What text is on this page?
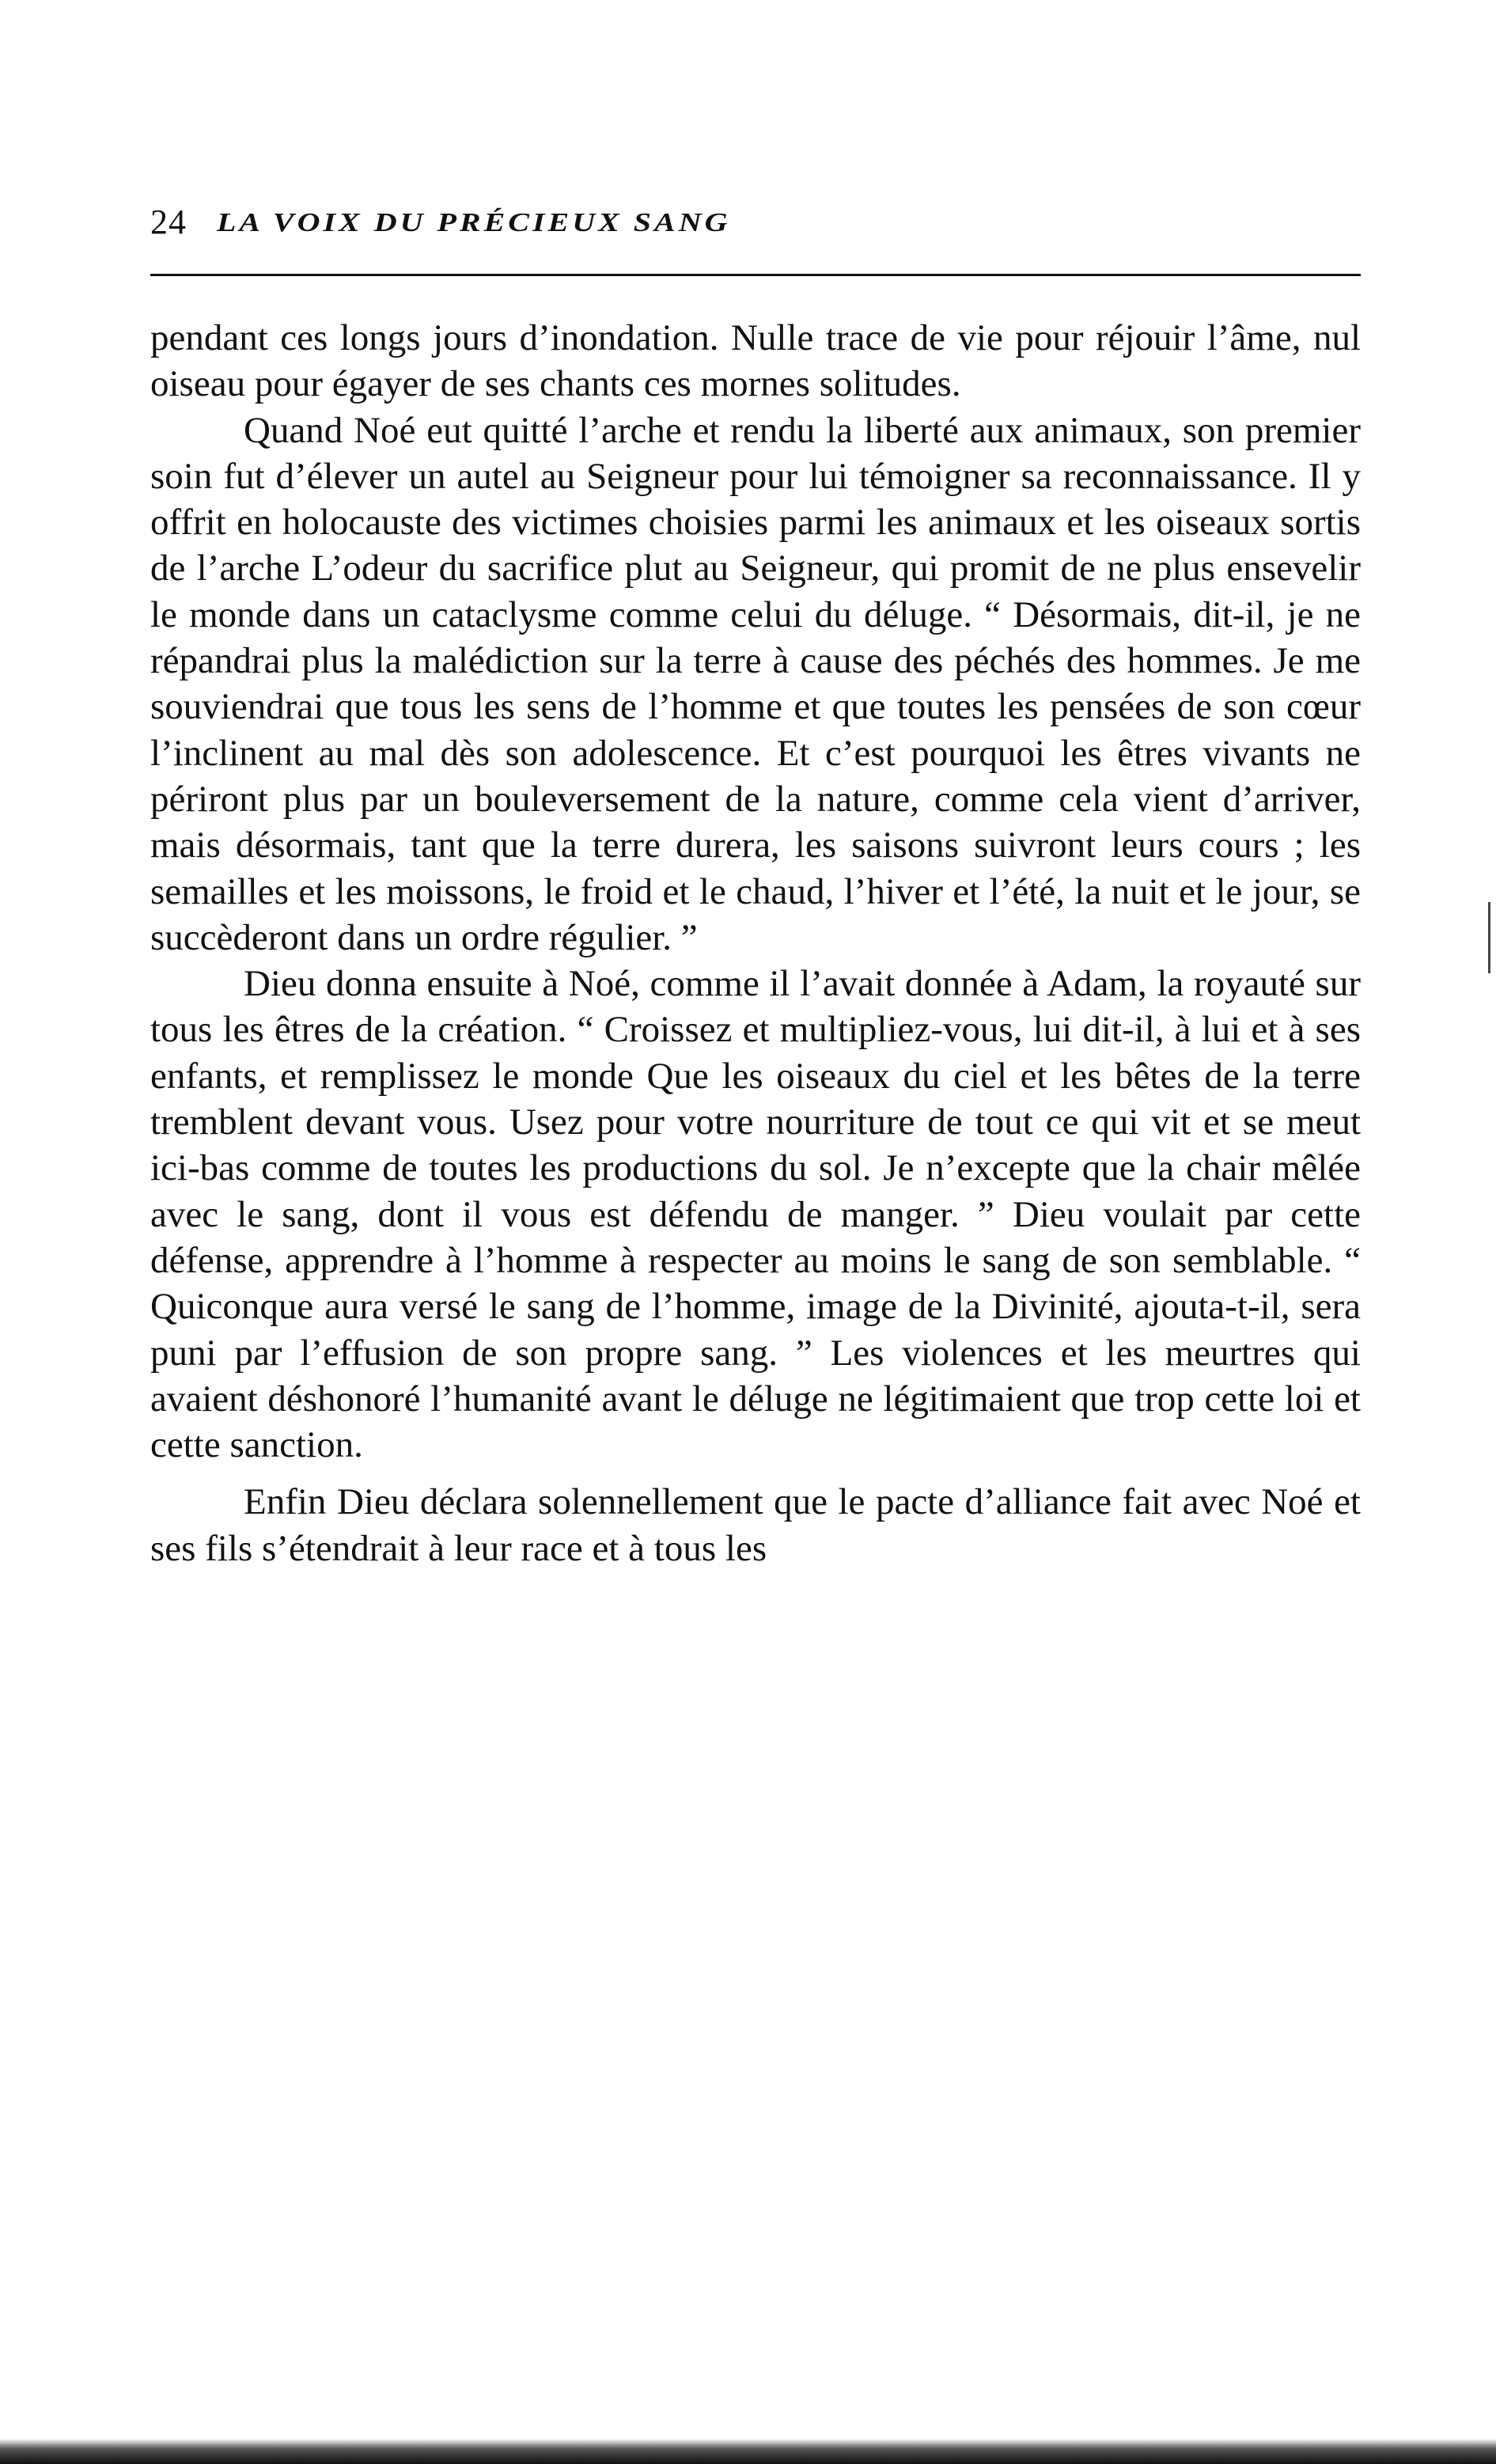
24 LA VOIX DU PRÉCIEUX SANG

pendant ces longs jours d’inondation. Nulle trace de vie pour réjouir l’âme, nul oiseau pour égayer de ses chants ces mornes solitudes.

Quand Noé eut quitté l’arche et rendu la liberté aux animaux, son premier soin fut d’élever un autel au Seigneur pour lui témoigner sa reconnaissance. Il y offrit en holocauste des victimes choisies parmi les animaux et les oiseaux sortis de l’arche L’odeur du sacrifice plut au Seigneur, qui promit de ne plus ensevelir le monde dans un cataclysme comme celui du déluge. “ Désormais, dit-il, je ne répandrai plus la malédiction sur la terre à cause des péchés des hommes. Je me souviendrai que tous les sens de l’homme et que toutes les pensées de son cœur l’inclinent au mal dès son adolescence. Et c’est pourquoi les êtres vivants ne périront plus par un bouleversement de la nature, comme cela vient d’arriver, mais désormais, tant que la terre durera, les saisons suivront leurs cours ; les semailles et les moissons, le froid et le chaud, l’hiver et l’été, la nuit et le jour, se succèderont dans un ordre régulier. ”

Dieu donna ensuite à Noé, comme il l’avait donnée à Adam, la royauté sur tous les êtres de la création. “ Croissez et multipliez-vous, lui dit-il, à lui et à ses enfants, et remplissez le monde Que les oiseaux du ciel et les bêtes de la terre tremblent devant vous. Usez pour votre nourriture de tout ce qui vit et se meut ici-bas comme de toutes les productions du sol. Je n’excepte que la chair mêlée avec le sang, dont il vous est défendu de manger. ” Dieu voulait par cette défense, apprendre à l’homme à respecter au moins le sang de son semblable. “ Quiconque aura versé le sang de l’homme, image de la Divinité, ajouta-t-il, sera puni par l’effusion de son propre sang. ” Les violences et les meurtres qui avaient déshonoré l’humanité avant le déluge ne légitimaient que trop cette loi et cette sanction.

Enfin Dieu déclara solennellement que le pacte d’alliance fait avec Noé et ses fils s’étendrait à leur race et à tous les
